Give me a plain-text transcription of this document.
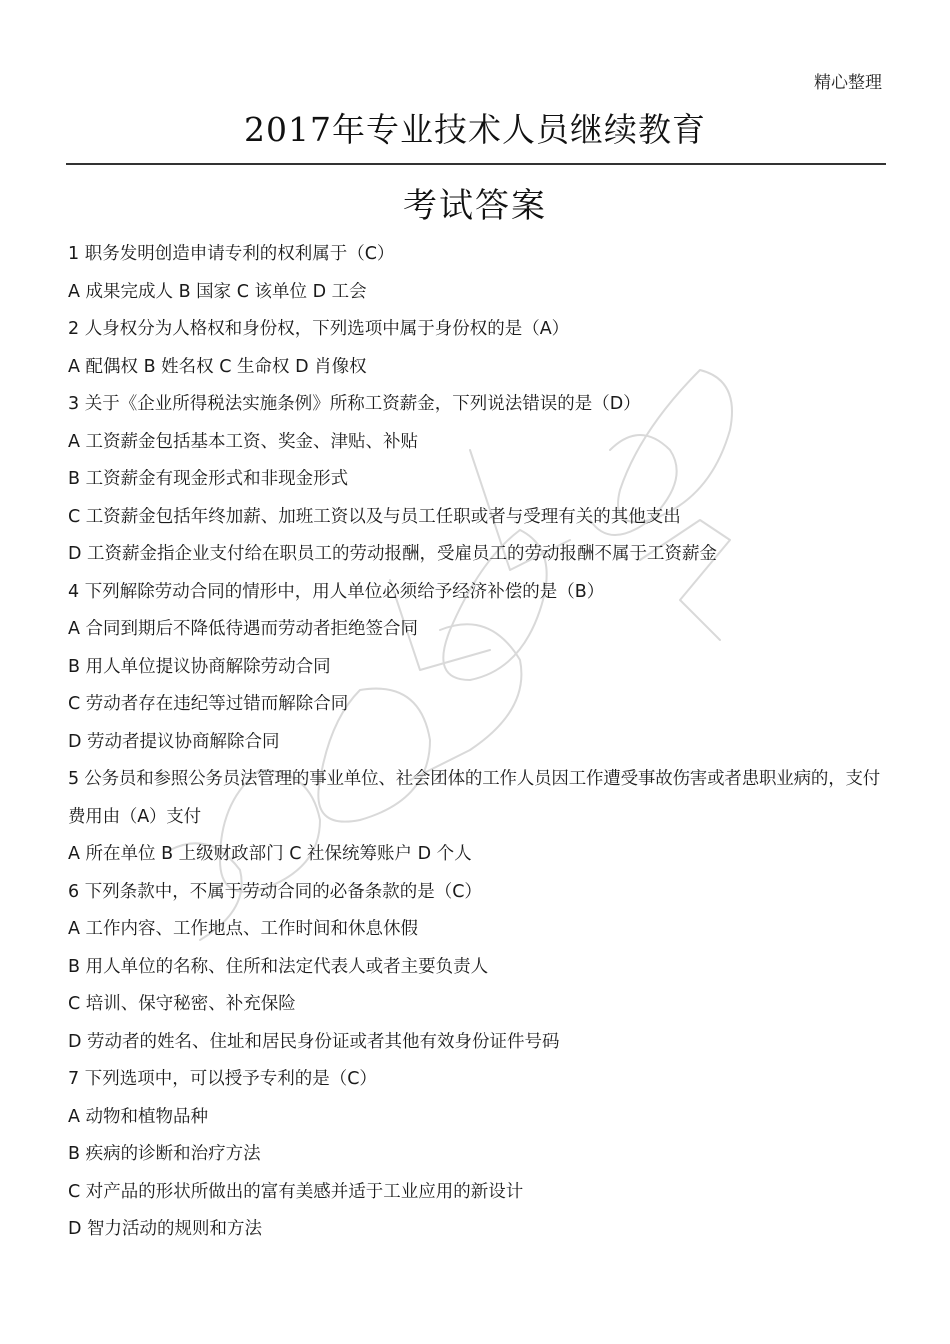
精心整理
2017年专业技术人员继续教育
考试答案
1 职务发明创造申请专利的权利属于（C）
A 成果完成人 B 国家 C 该单位 D 工会
2 人身权分为人格权和身份权，下列选项中属于身份权的是（A）
A 配偶权 B 姓名权 C 生命权 D 肖像权
3 关于《企业所得税法实施条例》所称工资薪金，下列说法错误的是（D）
A 工资薪金包括基本工资、奖金、津贴、补贴
B 工资薪金有现金形式和非现金形式
C 工资薪金包括年终加薪、加班工资以及与员工任职或者与受理有关的其他支出
D 工资薪金指企业支付给在职员工的劳动报酬，受雇员工的劳动报酬不属于工资薪金
4 下列解除劳动合同的情形中，用人单位必须给予经济补偿的是（B）
A 合同到期后不降低待遇而劳动者拒绝签合同
B 用人单位提议协商解除劳动合同
C 劳动者存在违纪等过错而解除合同
D 劳动者提议协商解除合同
5 公务员和参照公务员法管理的事业单位、社会团体的工作人员因工作遭受事故伤害或者患职业病的，支付费用由（A）支付
A 所在单位 B 上级财政部门 C 社保统筹账户 D 个人
6 下列条款中，不属于劳动合同的必备条款的是（C）
A 工作内容、工作地点、工作时间和休息休假
B 用人单位的名称、住所和法定代表人或者主要负责人
C 培训、保守秘密、补充保险
D 劳动者的姓名、住址和居民身份证或者其他有效身份证件号码
7 下列选项中，可以授予专利的是（C）
A 动物和植物品种
B 疾病的诊断和治疗方法
C 对产品的形状所做出的富有美感并适于工业应用的新设计
D 智力活动的规则和方法
